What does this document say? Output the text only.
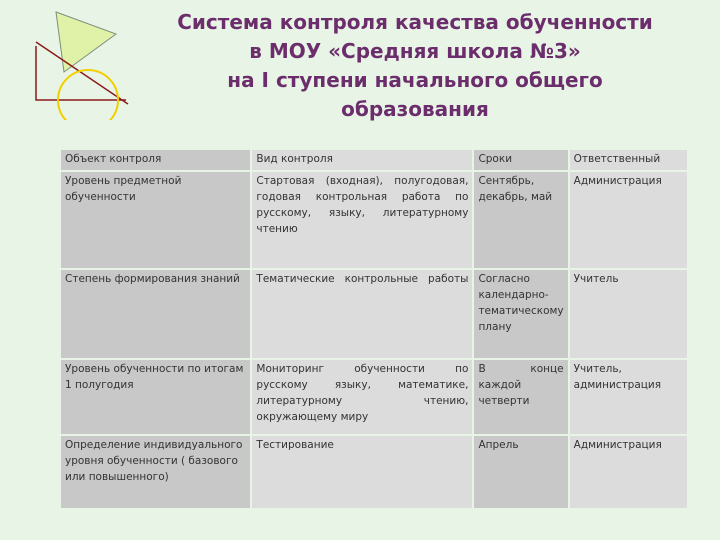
Система контроля качества обученности
в МОУ «Средняя школа №3»
на I ступени начального общего
образования
Объект контроля	Вид контроля	Сроки	Ответственный
Уровень предметной обученности	Стартовая (входная), полугодовая, годовая контрольная работа по русскому, языку, литературному чтению	Сентябрь, декабрь, май	Администрация
Степень формирования знаний	Тематические контрольные работы	Согласно календарно-тематическому плану	Учитель
Уровень обученности по итогам 1 полугодия	Мониторинг обученности по русскому языку, математике, литературному чтению, окружающему миру	В конце каждой четверти	Учитель, администрация
Определение индивидуального уровня обученности ( базового или повышенного)	Тестирование	Апрель	Администрация
